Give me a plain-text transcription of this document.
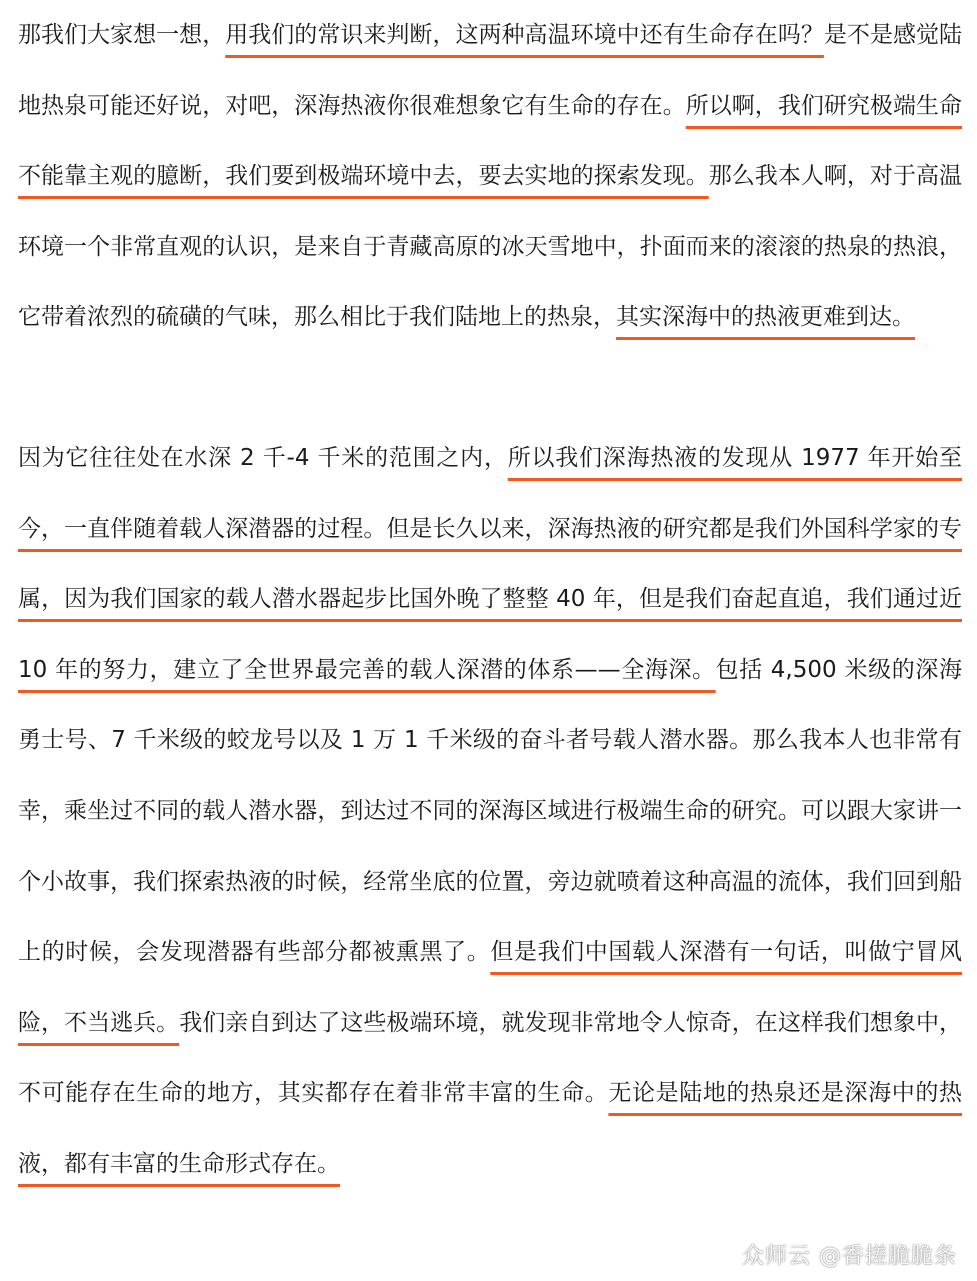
那我们大家想一想，用我们的常识来判断，这两种高温环境中还有生命存在吗？是不是感觉陆地热泉可能还好说，对吧，深海热液你很难想象它有生命的存在。所以啊，我们研究极端生命不能靠主观的臆断，我们要到极端环境中去，要去实地的探索发现。那么我本人啊，对于高温环境一个非常直观的认识，是来自于青藏高原的冰天雪地中，扑面而来的滚滚的热泉的热浪，它带着浓烈的硫磺的气味，那么相比于我们陆地上的热泉，其实深海中的热液更难到达。

因为它往往处在水深 2 千-4 千米的范围之内，所以我们深海热液的发现从 1977 年开始至今，一直伴随着载人深潜器的过程。但是长久以来，深海热液的研究都是我们外国科学家的专属，因为我们国家的载人潜水器起步比国外晚了整整 40 年，但是我们奋起直追，我们通过近 10 年的努力，建立了全世界最完善的载人深潜的体系——全海深。包括 4,500 米级的深海勇士号、7 千米级的蛟龙号以及 1 万 1 千米级的奋斗者号载人潜水器。那么我本人也非常有幸，乘坐过不同的载人潜水器，到达过不同的深海区域进行极端生命的研究。可以跟大家讲一个小故事，我们探索热液的时候，经常坐底的位置，旁边就喷着这种高温的流体，我们回到船上的时候，会发现潜器有些部分都被熏黑了。但是我们中国载人深潜有一句话，叫做宁冒风险，不当逃兵。我们亲自到达了这些极端环境，就发现非常地令人惊奇，在这样我们想象中，不可能存在生命的地方，其实都存在着非常丰富的生命。无论是陆地的热泉还是深海中的热液，都有丰富的生命形式存在。

众师云 @香搓脆脆条
